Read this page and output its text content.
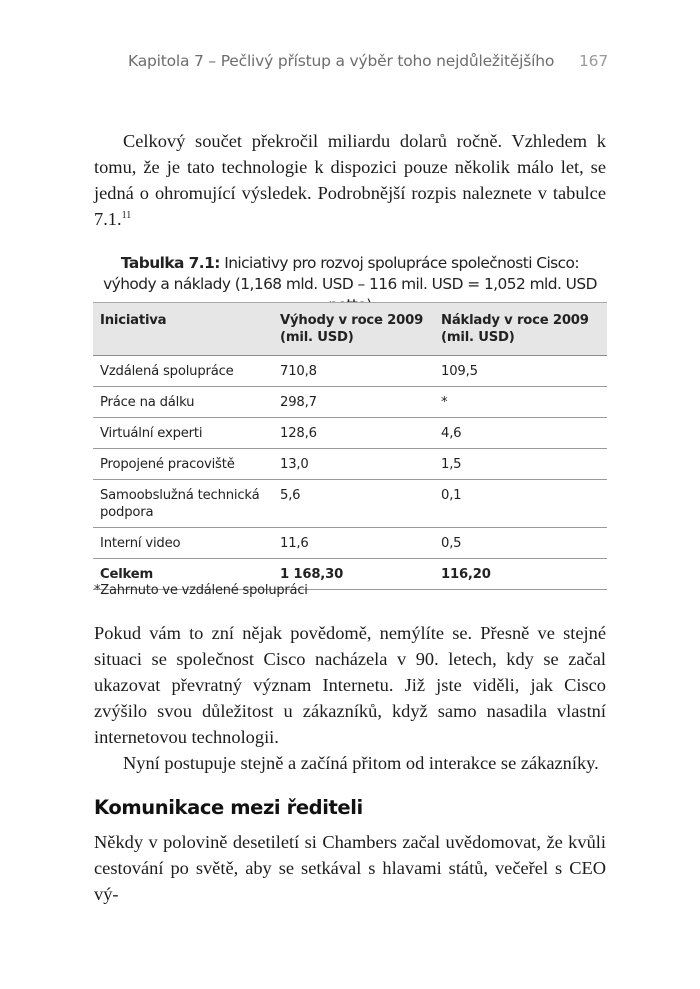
Kapitola 7 – Pečlivý přístup a výběr toho nejdůležitějšího 167

Celkový součet překročil miliardu dolarů ročně. Vzhledem k tomu, že je tato technologie k dispozici pouze několik málo let, se jedná o ohromující výsledek. Podrobnější rozpis naleznete v tabulce 7.1.11

Tabulka 7.1: Iniciativy pro rozvoj spolupráce společnosti Cisco: výhody a náklady (1,168 mld. USD – 116 mil. USD = 1,052 mld. USD netto)
Iniciativa	Výhody v roce 2009 (mil. USD)	Náklady v roce 2009 (mil. USD)
Vzdálená spolupráce	710,8	109,5
Práce na dálku	298,7	*
Virtuální experti	128,6	4,6
Propojené pracoviště	13,0	1,5
Samoobslužná technická podpora	5,6	0,1
Interní video	11,6	0,5
Celkem	1 168,30	116,20
*Zahrnuto ve vzdálené spolupráci

Pokud vám to zní nějak povědomě, nemýlíte se. Přesně ve stejné situaci se společnost Cisco nacházela v 90. letech, kdy se začal ukazovat převratný význam Internetu. Již jste viděli, jak Cisco zvýšilo svou důležitost u zákazníků, když samo nasadila vlastní internetovou technologii.

Nyní postupuje stejně a začíná přitom od interakce se zákazníky.

Komunikace mezi řediteli

Někdy v polovině desetiletí si Chambers začal uvědomovat, že kvůli cestování po světě, aby se setkával s hlavami států, večeřel s CEO vý-
